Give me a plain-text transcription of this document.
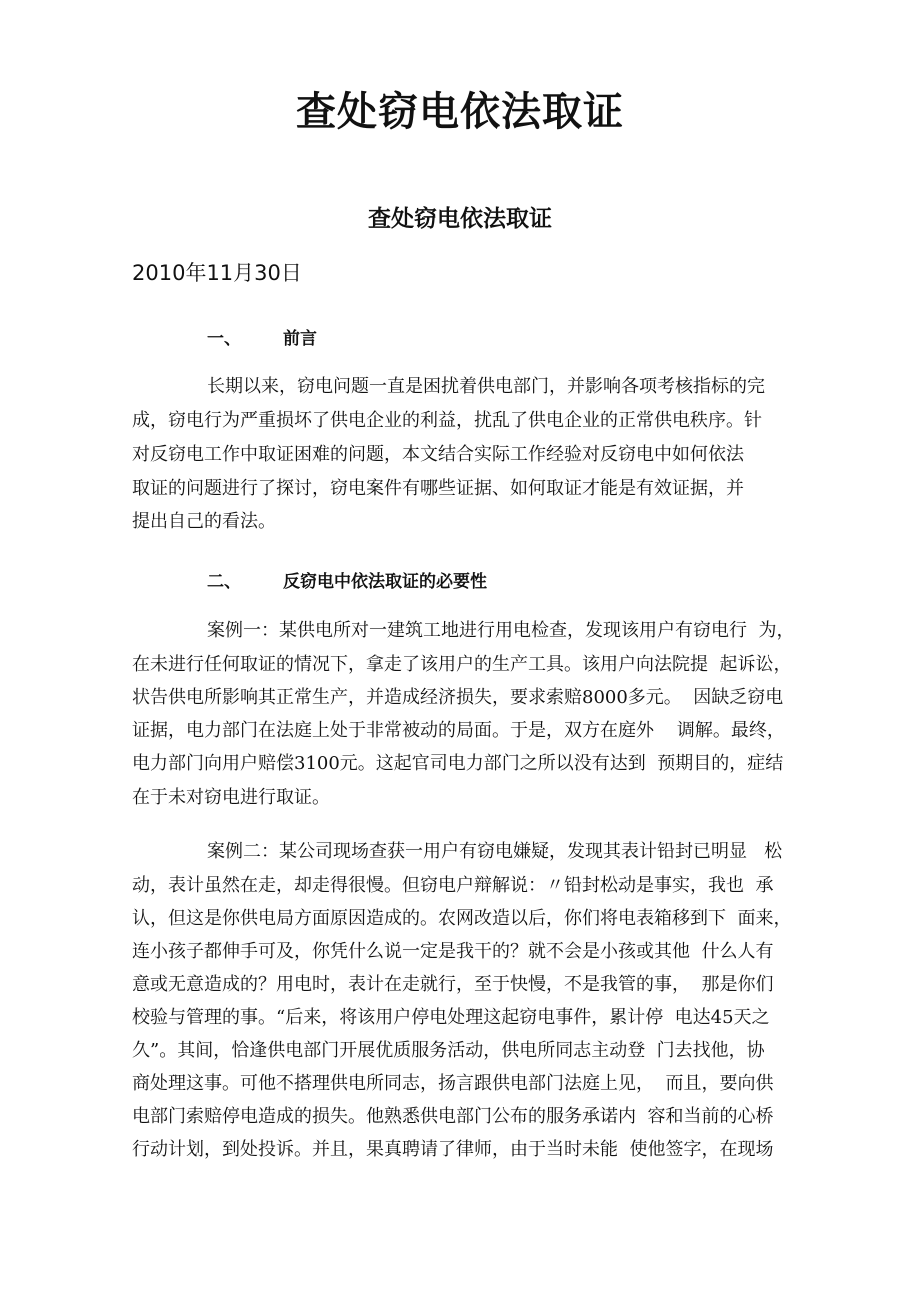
查处窃电依法取证
查处窃电依法取证
2010年11月30日
一、 前言
长期以来，窃电问题一直是困扰着供电部门，并影响各项考核指标的完
成，窃电行为严重损坏了供电企业的利益，扰乱了供电企业的正常供电秩序。针
对反窃电工作中取证困难的问题，本文结合实际工作经验对反窃电中如何依法
取证的问题进行了探讨，窃电案件有哪些证据、如何取证才能是有效证据，并
提出自己的看法。
二、 反窃电中依法取证的必要性
案例一：某供电所对一建筑工地进行用电检查，发现该用户有窃电行  为，
在未进行任何取证的情况下，拿走了该用户的生产工具。该用户向法院提  起诉讼，
状告供电所影响其正常生产，并造成经济损失，要求索赔8000多元。  因缺乏窃电
证据，电力部门在法庭上处于非常被动的局面。于是，双方在庭外    调解。最终，
电力部门向用户赔偿3100元。这起官司电力部门之所以没有达到  预期目的，症结
在于未对窃电进行取证。
案例二：某公司现场查获一用户有窃电嫌疑，发现其表计铅封已明显   松
动，表计虽然在走，却走得很慢。但窃电户辩解说：〃铅封松动是事实，我也  承
认，但这是你供电局方面原因造成的。农网改造以后，你们将电表箱移到下  面来，
连小孩子都伸手可及，你凭什么说一定是我干的？就不会是小孩或其他  什么人有
意或无意造成的？用电时，表计在走就行，至于快慢，不是我管的事，  那是你们
校验与管理的事。“后来，将该用户停电处理这起窃电事件，累计停  电达45天之
久”。其间，恰逢供电部门开展优质服务活动，供电所同志主动登  门去找他，协
商处理这事。可他不搭理供电所同志，扬言跟供电部门法庭上见，  而且，要向供
电部门索赔停电造成的损失。他熟悉供电部门公布的服务承诺内  容和当前的心桥
行动计划，到处投诉。并且，果真聘请了律师，由于当时未能  使他签字，在现场
